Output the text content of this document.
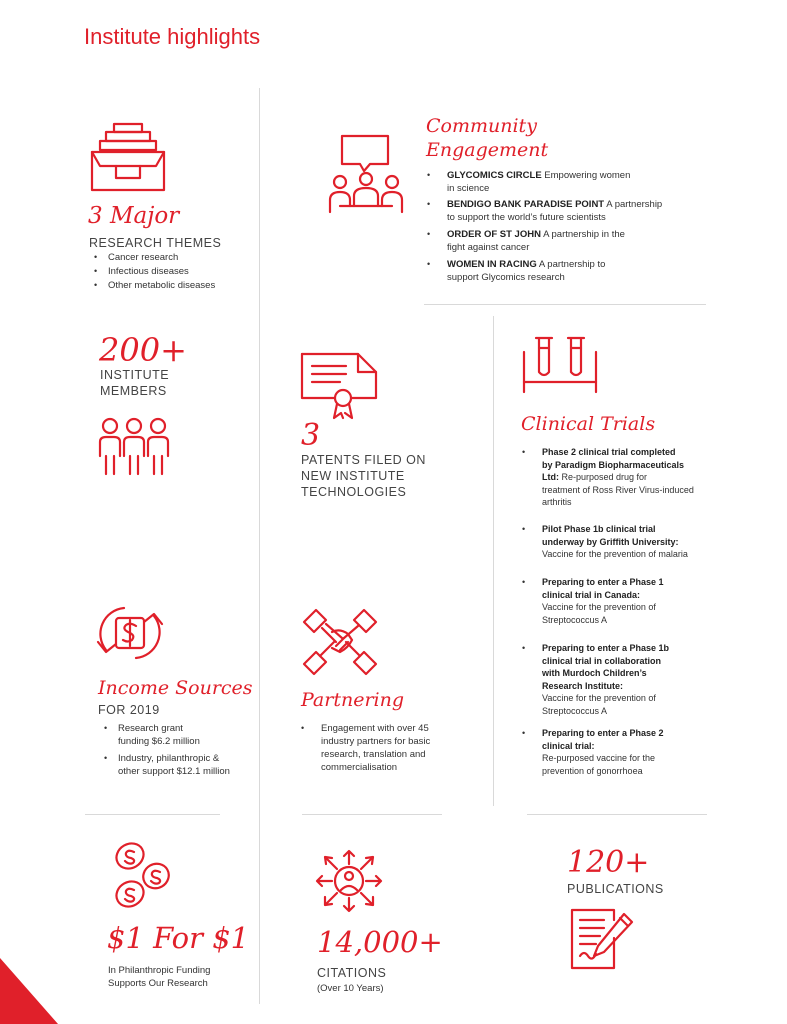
Institute highlights
3 Major
RESEARCH THEMES
• Cancer research
• Infectious diseases
• Other metabolic diseases
Community
Engagement
• GLYCOMICS CIRCLE Empowering women
in science
• BENDIGO BANK PARADISE POINT A partnership
to support the world’s future scientists
• ORDER OF ST JOHN A partnership in the
fight against cancer
• WOMEN IN RACING A partnership to
support Glycomics research
200+
INSTITUTE
MEMBERS
3
PATENTS FILED ON
NEW INSTITUTE
TECHNOLOGIES
Clinical Trials
• Phase 2 clinical trial completed
by Paradigm Biopharmaceuticals
Ltd: Re-purposed drug for
treatment of Ross River Virus-induced
arthritis
• Pilot Phase 1b clinical trial
underway by Griffith University:
Vaccine for the prevention of malaria
• Preparing to enter a Phase 1
clinical trial in Canada:
Vaccine for the prevention of
Streptococcus A
• Preparing to enter a Phase 1b
clinical trial in collaboration
with Murdoch Children’s
Research Institute:
Vaccine for the prevention of
Streptococcus A
• Preparing to enter a Phase 2
clinical trial:
Re-purposed vaccine for the
prevention of gonorrhoea
Income Sources
FOR 2019
• Research grant
funding $6.2 million
• Industry, philanthropic &
other support $12.1 million
Partnering
• Engagement with over 45
industry partners for basic
research, translation and
commercialisation
$1 For $1
In Philanthropic Funding
Supports Our Research
14,000+
CITATIONS
(Over 10 Years)
120+
PUBLICATIONS
